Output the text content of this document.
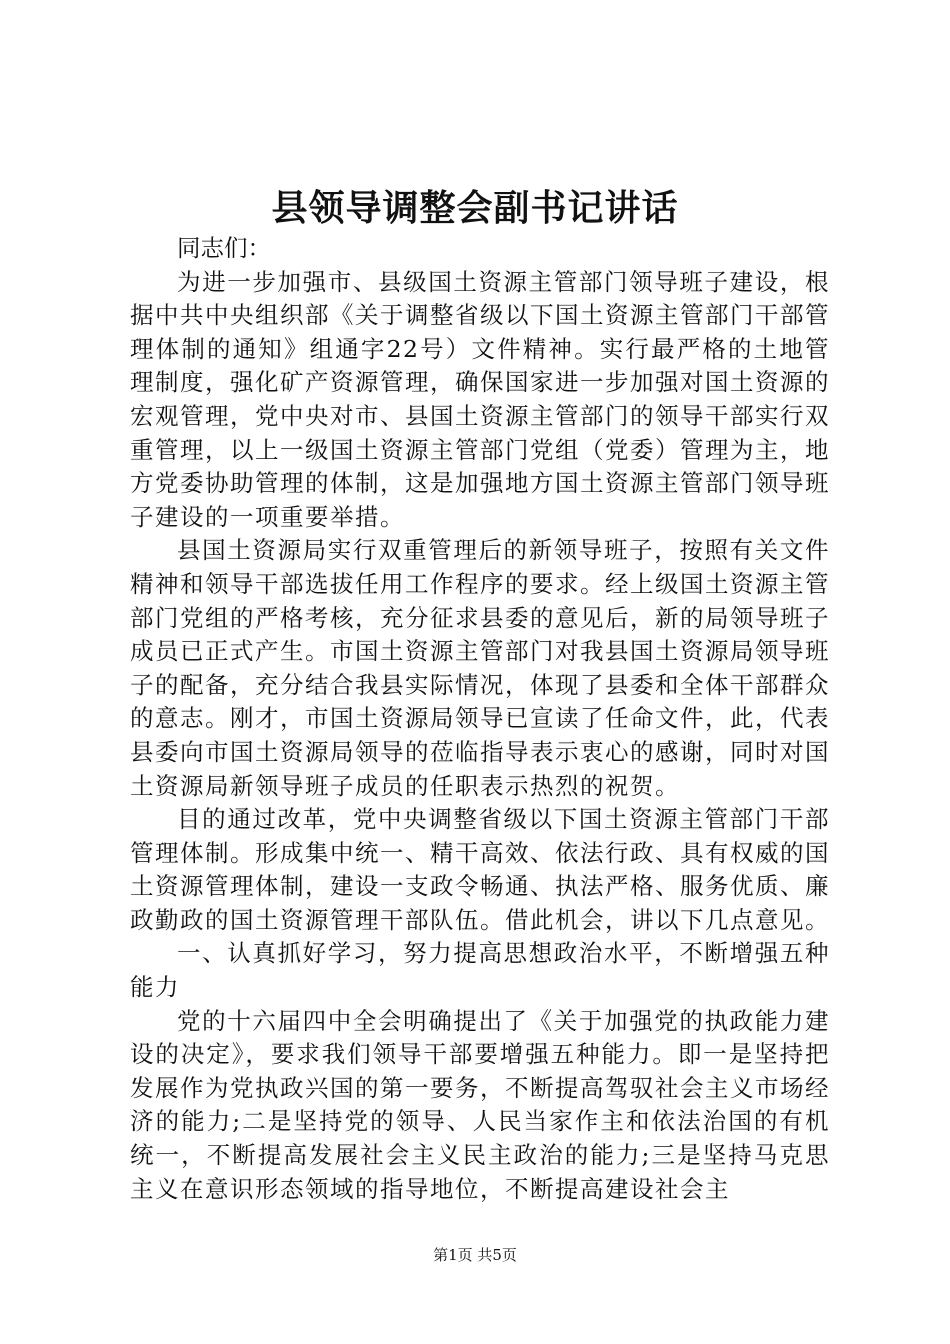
县领导调整会副书记讲话

同志们：

为进一步加强市、县级国土资源主管部门领导班子建设，根据中共中央组织部《关于调整省级以下国土资源主管部门干部管理体制的通知》组通字22号）文件精神。实行最严格的土地管理制度，强化矿产资源管理，确保国家进一步加强对国土资源的宏观管理，党中央对市、县国土资源主管部门的领导干部实行双重管理，以上一级国土资源主管部门党组（党委）管理为主，地方党委协助管理的体制，这是加强地方国土资源主管部门领导班子建设的一项重要举措。

县国土资源局实行双重管理后的新领导班子，按照有关文件精神和领导干部选拔任用工作程序的要求。经上级国土资源主管部门党组的严格考核，充分征求县委的意见后，新的局领导班子成员已正式产生。市国土资源主管部门对我县国土资源局领导班子的配备，充分结合我县实际情况，体现了县委和全体干部群众的意志。刚才，市国土资源局领导已宣读了任命文件，此，代表县委向市国土资源局领导的莅临指导表示衷心的感谢，同时对国土资源局新领导班子成员的任职表示热烈的祝贺。

目的通过改革，党中央调整省级以下国土资源主管部门干部管理体制。形成集中统一、精干高效、依法行政、具有权威的国土资源管理体制，建设一支政令畅通、执法严格、服务优质、廉政勤政的国土资源管理干部队伍。借此机会，讲以下几点意见。

一、认真抓好学习，努力提高思想政治水平，不断增强五种能力

党的十六届四中全会明确提出了《关于加强党的执政能力建设的决定》，要求我们领导干部要增强五种能力。即一是坚持把发展作为党执政兴国的第一要务，不断提高驾驭社会主义市场经济的能力;二是坚持党的领导、人民当家作主和依法治国的有机统一，不断提高发展社会主义民主政治的能力;三是坚持马克思主义在意识形态领域的指导地位，不断提高建设社会主

第1页 共5页
